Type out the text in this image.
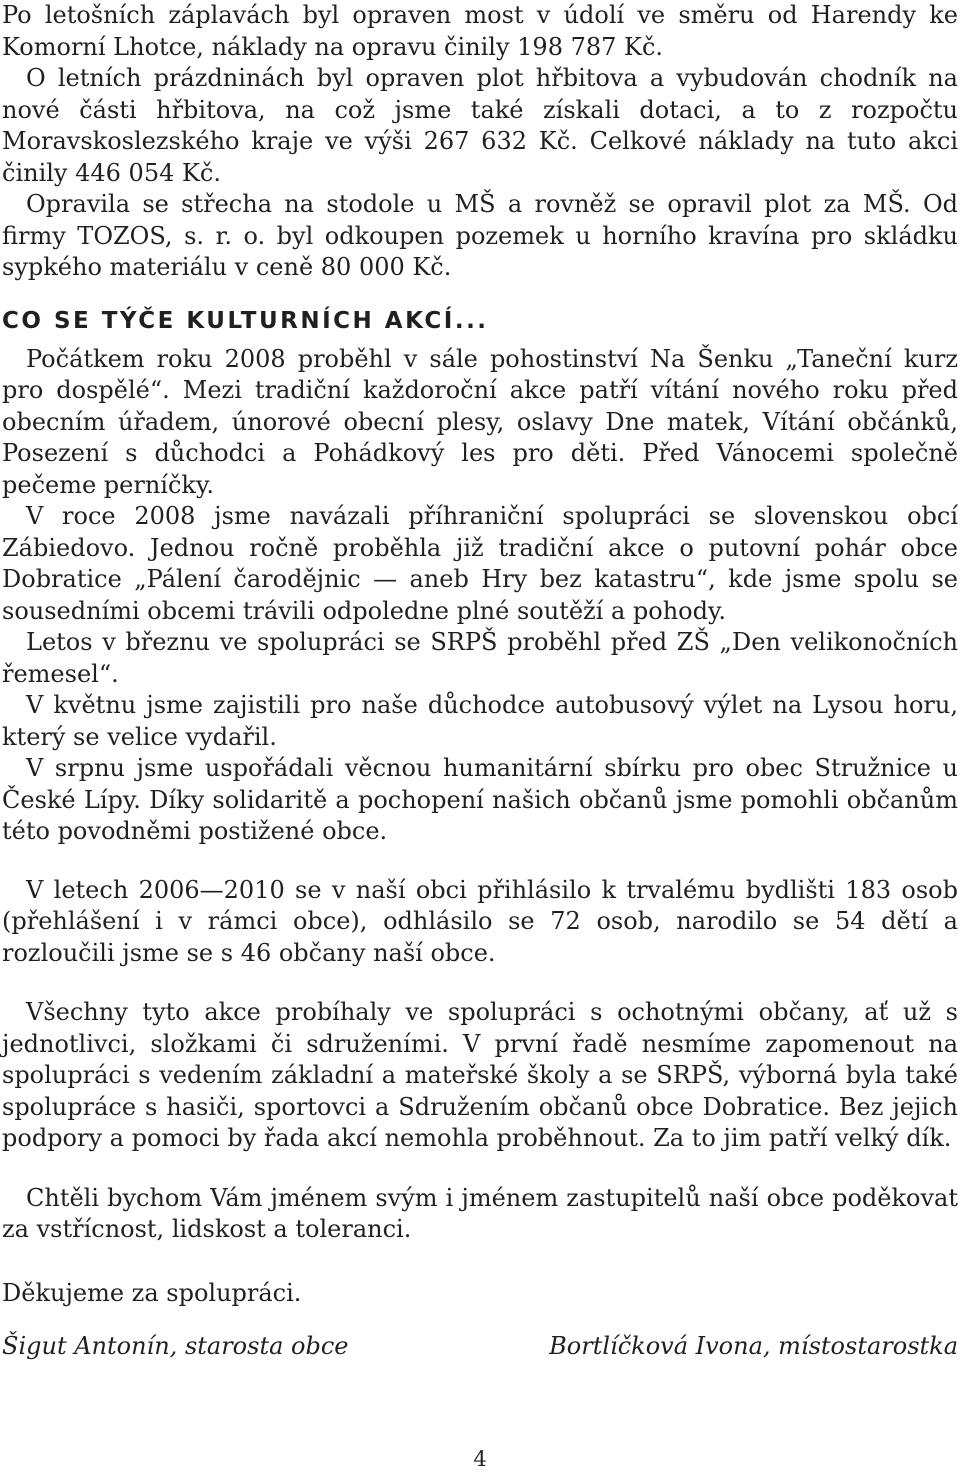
Po letošních záplavách byl opraven most v údolí ve směru od Harendy ke Komorní Lhotce, náklady na opravu činily 198 787 Kč.

O letních prázdninách byl opraven plot hřbitova a vybudován chodník na nové části hřbitova, na což jsme také získali dotaci, a to z rozpočtu Moravskoslezského kraje ve výši 267 632 Kč. Celkové náklady na tuto akci činily 446 054 Kč.

Opravila se střecha na stodole u MŠ a rovněž se opravil plot za MŠ. Od firmy TOZOS, s. r. o. byl odkoupen pozemek u horního kravína pro skládku sypkého materiálu v ceně 80 000 Kč.

CO SE TÝČE KULTURNÍCH AKCÍ...

Počátkem roku 2008 proběhl v sále pohostinství Na Šenku „Taneční kurz pro dospělé“. Mezi tradiční každoroční akce patří vítání nového roku před obecním úřadem, únorové obecní plesy, oslavy Dne matek, Vítání občánků, Posezení s důchodci a Pohádkový les pro děti. Před Vánocemi společně pečeme perníčky.

V roce 2008 jsme navázali příhraniční spolupráci se slovenskou obcí Zábiedovo. Jednou ročně proběhla již tradiční akce o putovní pohár obce Dobratice „Pálení čarodějnic — aneb Hry bez katastru“, kde jsme spolu se sousedními obcemi trávili odpoledne plné soutěží a pohody.

Letos v březnu ve spolupráci se SRPŠ proběhl před ZŠ „Den velikonočních řemesel“.

V květnu jsme zajistili pro naše důchodce autobusový výlet na Lysou horu, který se velice vydařil.

V srpnu jsme uspořádali věcnou humanitární sbírku pro obec Stružnice u České Lípy. Díky solidaritě a pochopení našich občanů jsme pomohli občanům této povodněmi postižené obce.

V letech 2006—2010 se v naší obci přihlásilo k trvalému bydlišti 183 osob (přehlášení i v rámci obce), odhlásilo se 72 osob, narodilo se 54 dětí a rozloučili jsme se s 46 občany naší obce.

Všechny tyto akce probíhaly ve spolupráci s ochotnými občany, ať už s jednotlivci, složkami či sdruženími. V první řadě nesmíme zapomenout na spolupráci s vedením základní a mateřské školy a se SRPŠ, výborná byla také spolupráce s hasiči, sportovci a Sdružením občanů obce Dobratice. Bez jejich podpory a pomoci by řada akcí nemohla proběhnout. Za to jim patří velký dík.

Chtěli bychom Vám jménem svým i jménem zastupitelů naší obce poděkovat za vstřícnost, lidskost a toleranci.

Děkujeme za spolupráci.

Šigut Antonín, starosta obce	Bortlíčková Ivona, místostarostka
4
